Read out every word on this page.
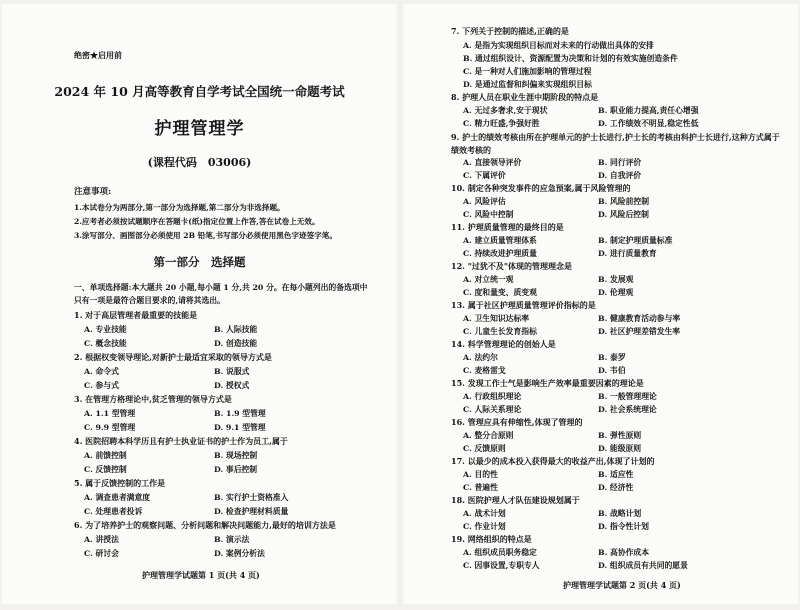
绝密★启用前
2024 年 10 月高等教育自学考试全国统一命题考试
护理管理学
(课程代码　03006)
注意事项:
1.本试卷分为两部分,第一部分为选择题,第二部分为非选择题。
2.应考者必须按试题顺序在答题卡(纸)指定位置上作答,答在试卷上无效。
3.涂写部分、画图部分必须使用 2B 铅笔,书写部分必须使用黑色字迹签字笔。
第一部分　选择题
一、单项选择题:本大题共 20 小题,每小题 1 分,共 20 分。在每小题列出的备选项中只有一项是最符合题目要求的,请将其选出。
1. 对于高层管理者最重要的技能是
A. 专业技能	B. 人际技能
C. 概念技能	D. 创造技能
2. 根据权变领导理论,对新护士最适宜采取的领导方式是
A. 命令式	B. 说服式
C. 参与式	D. 授权式
3. 在管理方格理论中,贫乏管理的领导方式是
A. 1.1 型管理	B. 1.9 型管理
C. 9.9 型管理	D. 9.1 型管理
4. 医院招聘本科学历且有护士执业证书的护士作为员工,属于
A. 前馈控制	B. 现场控制
C. 反馈控制	D. 事后控制
5. 属于反馈控制的工作是
A. 调查患者满意度	B. 实行护士资格准入
C. 处理患者投诉	D. 检查护理材料质量
6. 为了培养护士的观察问题、分析问题和解决问题能力,最好的培训方法是
A. 讲授法	B. 演示法
C. 研讨会	D. 案例分析法
护理管理学试题第 1 页(共 4 页)
7. 下列关于控制的描述,正确的是
A. 是指为实现组织目标而对未来的行动做出具体的安排
B. 通过组织设计、资源配置为决策和计划的有效实施创造条件
C. 是一种对人们施加影响的管理过程
D. 是通过监督和纠偏来实现组织目标
8. 护理人员在职业生涯中期阶段的特点是
A. 无过多奢求,安于现状	B. 职业能力提高,责任心增强
C. 精力旺盛,争强好胜	D. 工作绩效不明显,稳定性低
9. 护士的绩效考核由所在护理单元的护士长进行,护士长的考核由科护士长进行,这种方式属于绩效考核的
A. 直接领导评价	B. 同行评价
C. 下属评价	D. 自我评价
10. 制定各种突发事件的应急预案,属于风险管理的
A. 风险评估	B. 风险前控制
C. 风险中控制	D. 风险后控制
11. 护理质量管理的最终目的是
A. 建立质量管理体系	B. 制定护理质量标准
C. 持续改进护理质量	D. 进行质量教育
12. "过犹不及"体现的管理理念是
A. 对立统一观	B. 发展观
C. 度和量变、质变观	D. 伦理观
13. 属于社区护理质量管理评价指标的是
A. 卫生知识达标率	B. 健康教育活动参与率
C. 儿童生长发育指标	D. 社区护理差错发生率
14. 科学管理理论的创始人是
A. 法约尔	B. 泰罗
C. 麦格雷戈	D. 韦伯
15. 发现工作士气是影响生产效率最重要因素的理论是
A. 行政组织理论	B. 一般管理理论
C. 人际关系理论	D. 社会系统理论
16. 管理应具有伸缩性,体现了管理的
A. 整分合原则	B. 弹性原则
C. 反馈原则	D. 能级原则
17. 以最少的成本投入获得最大的收益产出,体现了计划的
A. 目的性	B. 适应性
C. 普遍性	D. 经济性
18. 医院护理人才队伍建设规划属于
A. 战术计划	B. 战略计划
C. 作业计划	D. 指令性计划
19. 网络组织的特点是
A. 组织成员职务稳定	B. 高协作成本
C. 因事设置,专职专人	D. 组织成员有共同的愿景
护理管理学试题第 2 页(共 4 页)
